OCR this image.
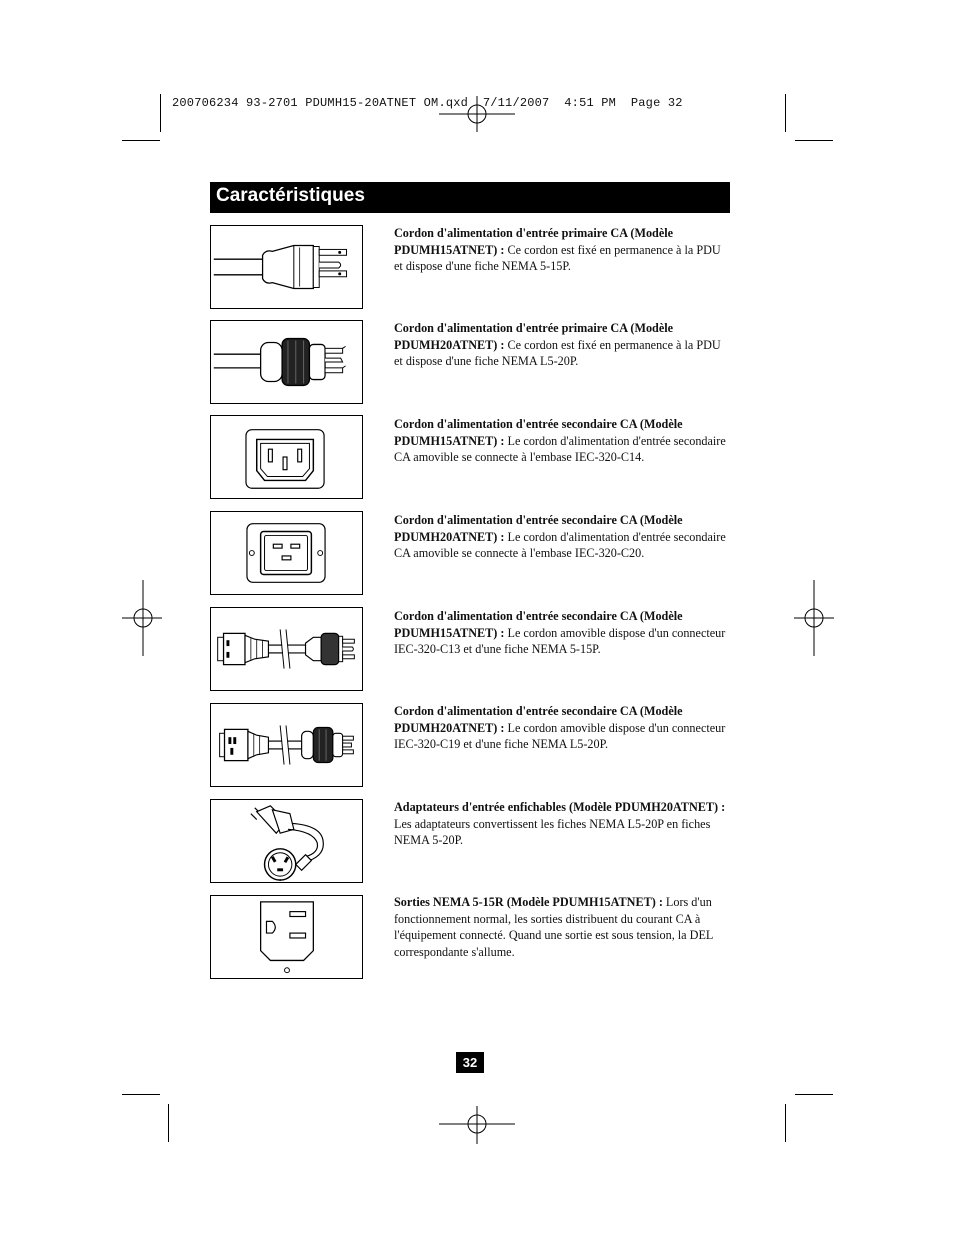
200706234 93-2701 PDUMH15-20ATNET OM.qxd  7/11/2007  4:51 PM  Page 32
Caractéristiques
Cordon d'alimentation d'entrée primaire CA (Modèle PDUMH15ATNET) : Ce cordon est fixé en permanence à la PDU et dispose d'une fiche NEMA 5-15P.
Cordon d'alimentation d'entrée primaire CA (Modèle PDUMH20ATNET) : Ce cordon est fixé en permanence à la PDU et dispose d'une fiche NEMA L5-20P.
Cordon d'alimentation d'entrée secondaire CA (Modèle PDUMH15ATNET) : Le cordon d'alimentation d'entrée secondaire CA amovible se connecte à l'embase IEC-320-C14.
Cordon d'alimentation d'entrée secondaire CA (Modèle PDUMH20ATNET) : Le cordon d'alimentation d'entrée secondaire CA amovible se connecte à l'embase IEC-320-C20.
Cordon d'alimentation d'entrée secondaire CA (Modèle PDUMH15ATNET) : Le cordon amovible dispose d'un connecteur IEC-320-C13 et d'une fiche NEMA 5-15P.
Cordon d'alimentation d'entrée secondaire CA (Modèle PDUMH20ATNET) : Le cordon amovible dispose d'un connecteur IEC-320-C19 et d'une fiche NEMA L5-20P.
Adaptateurs d'entrée enfichables (Modèle PDUMH20ATNET) : Les adaptateurs convertissent les fiches NEMA L5-20P en fiches NEMA 5-20P.
Sorties NEMA 5-15R (Modèle PDUMH15ATNET) : Lors d'un fonctionnement normal, les sorties distribuent du courant CA à l'équipement connecté. Quand une sortie est sous tension, la DEL correspondante s'allume.
32
